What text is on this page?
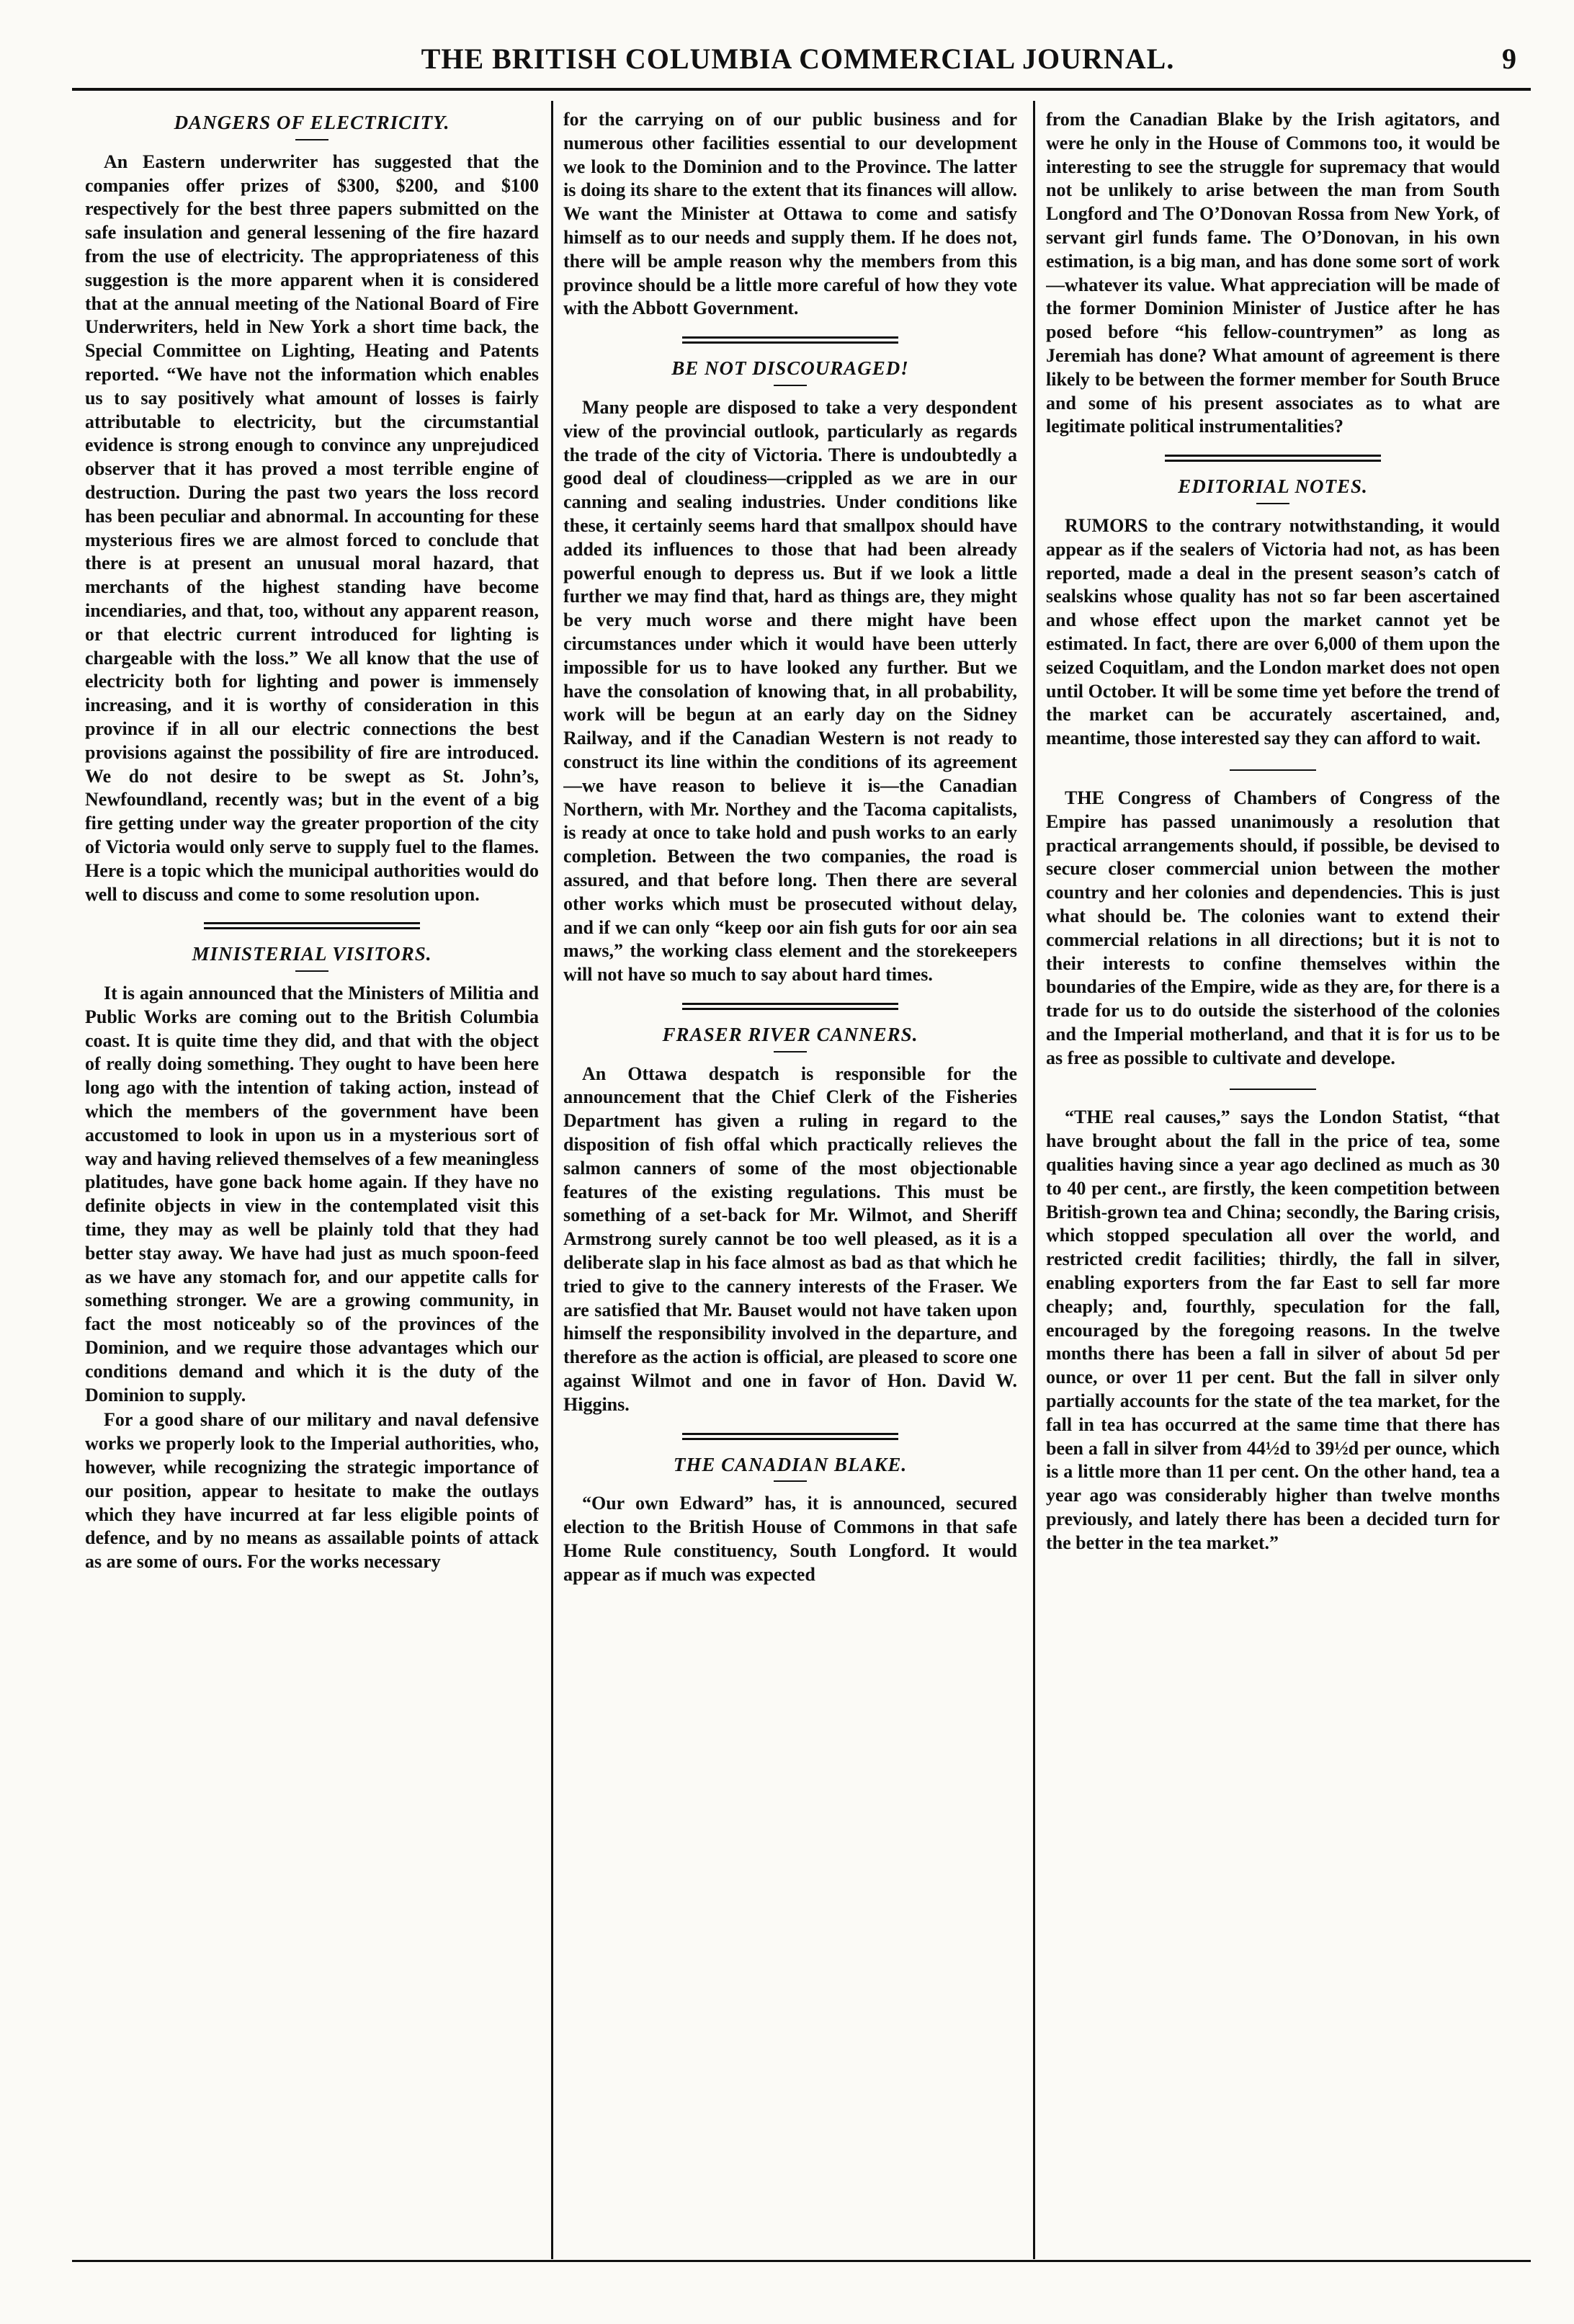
THE BRITISH COLUMBIA COMMERCIAL JOURNAL.	9
DANGERS OF ELECTRICITY.

An Eastern underwriter has suggested that the companies offer prizes of $300, $200, and $100 respectively for the best three papers submitted on the safe insulation and general lessening of the fire hazard from the use of electricity. The appropriateness of this suggestion is the more apparent when it is considered that at the annual meeting of the National Board of Fire Underwriters, held in New York a short time back, the Special Committee on Lighting, Heating and Patents reported. “We have not the information which enables us to say positively what amount of losses is fairly attributable to electricity, but the circumstantial evidence is strong enough to convince any unprejudiced observer that it has proved a most terrible engine of destruction. During the past two years the loss record has been peculiar and abnormal. In accounting for these mysterious fires we are almost forced to conclude that there is at present an unusual moral hazard, that merchants of the highest standing have become incendiaries, and that, too, without any apparent reason, or that electric current introduced for lighting is chargeable with the loss.” We all know that the use of electricity both for lighting and power is immensely increasing, and it is worthy of consideration in this province if in all our electric connections the best provisions against the possibility of fire are introduced. We do not desire to be swept as St. John’s, Newfoundland, recently was; but in the event of a big fire getting under way the greater proportion of the city of Victoria would only serve to supply fuel to the flames. Here is a topic which the municipal authorities would do well to discuss and come to some resolution upon.

MINISTERIAL VISITORS.

It is again announced that the Ministers of Militia and Public Works are coming out to the British Columbia coast. It is quite time they did, and that with the object of really doing something. They ought to have been here long ago with the intention of taking action, instead of which the members of the government have been accustomed to look in upon us in a mysterious sort of way and having relieved themselves of a few meaningless platitudes, have gone back home again. If they have no definite objects in view in the contemplated visit this time, they may as well be plainly told that they had better stay away. We have had just as much spoon-feed as we have any stomach for, and our appetite calls for something stronger. We are a growing community, in fact the most noticeably so of the provinces of the Dominion, and we require those advantages which our conditions demand and which it is the duty of the Dominion to supply.

For a good share of our military and naval defensive works we properly look to the Imperial authorities, who, however, while recognizing the strategic importance of our position, appear to hesitate to make the outlays which they have incurred at far less eligible points of defence, and by no means as assailable points of attack as are some of ours. For the works necessary

for the carrying on of our public business and for numerous other facilities essential to our development we look to the Dominion and to the Province. The latter is doing its share to the extent that its finances will allow. We want the Minister at Ottawa to come and satisfy himself as to our needs and supply them. If he does not, there will be ample reason why the members from this province should be a little more careful of how they vote with the Abbott Government.

BE NOT DISCOURAGED!

Many people are disposed to take a very despondent view of the provincial outlook, particularly as regards the trade of the city of Victoria. There is undoubtedly a good deal of cloudiness—crippled as we are in our canning and sealing industries. Under conditions like these, it certainly seems hard that smallpox should have added its influences to those that had been already powerful enough to depress us. But if we look a little further we may find that, hard as things are, they might be very much worse and there might have been circumstances under which it would have been utterly impossible for us to have looked any further. But we have the consolation of knowing that, in all probability, work will be begun at an early day on the Sidney Railway, and if the Canadian Western is not ready to construct its line within the conditions of its agreement—we have reason to believe it is—the Canadian Northern, with Mr. Northey and the Tacoma capitalists, is ready at once to take hold and push works to an early completion. Between the two companies, the road is assured, and that before long. Then there are several other works which must be prosecuted without delay, and if we can only “keep oor ain fish guts for oor ain sea maws,” the working class element and the storekeepers will not have so much to say about hard times.

FRASER RIVER CANNERS.

An Ottawa despatch is responsible for the announcement that the Chief Clerk of the Fisheries Department has given a ruling in regard to the disposition of fish offal which practically relieves the salmon canners of some of the most objectionable features of the existing regulations. This must be something of a set-back for Mr. Wilmot, and Sheriff Armstrong surely cannot be too well pleased, as it is a deliberate slap in his face almost as bad as that which he tried to give to the cannery interests of the Fraser. We are satisfied that Mr. Bauset would not have taken upon himself the responsibility involved in the departure, and therefore as the action is official, are pleased to score one against Wilmot and one in favor of Hon. David W. Higgins.

THE CANADIAN BLAKE.

“Our own Edward” has, it is announced, secured election to the British House of Commons in that safe Home Rule constituency, South Longford. It would appear as if much was expected

from the Canadian Blake by the Irish agitators, and were he only in the House of Commons too, it would be interesting to see the struggle for supremacy that would not be unlikely to arise between the man from South Longford and The O’Donovan Rossa from New York, of servant girl funds fame. The O’Donovan, in his own estimation, is a big man, and has done some sort of work—whatever its value. What appreciation will be made of the former Dominion Minister of Justice after he has posed before “his fellow-countrymen” as long as Jeremiah has done? What amount of agreement is there likely to be between the former member for South Bruce and some of his present associates as to what are legitimate political instrumentalities?

EDITORIAL NOTES.

RUMORS to the contrary notwithstanding, it would appear as if the sealers of Victoria had not, as has been reported, made a deal in the present season’s catch of sealskins whose quality has not so far been ascertained and whose effect upon the market cannot yet be estimated. In fact, there are over 6,000 of them upon the seized Coquitlam, and the London market does not open until October. It will be some time yet before the trend of the market can be accurately ascertained, and, meantime, those interested say they can afford to wait.

THE Congress of Chambers of Congress of the Empire has passed unanimously a resolution that practical arrangements should, if possible, be devised to secure closer commercial union between the mother country and her colonies and dependencies. This is just what should be. The colonies want to extend their commercial relations in all directions; but it is not to their interests to confine themselves within the boundaries of the Empire, wide as they are, for there is a trade for us to do outside the sisterhood of the colonies and the Imperial motherland, and that it is for us to be as free as possible to cultivate and develope.

“THE real causes,” says the London Statist, “that have brought about the fall in the price of tea, some qualities having since a year ago declined as much as 30 to 40 per cent., are firstly, the keen competition between British-grown tea and China; secondly, the Baring crisis, which stopped speculation all over the world, and restricted credit facilities; thirdly, the fall in silver, enabling exporters from the far East to sell far more cheaply; and, fourthly, speculation for the fall, encouraged by the foregoing reasons. In the twelve months there has been a fall in silver of about 5d per ounce, or over 11 per cent. But the fall in silver only partially accounts for the state of the tea market, for the fall in tea has occurred at the same time that there has been a fall in silver from 44½d to 39½d per ounce, which is a little more than 11 per cent. On the other hand, tea a year ago was considerably higher than twelve months previously, and lately there has been a decided turn for the better in the tea market.”
